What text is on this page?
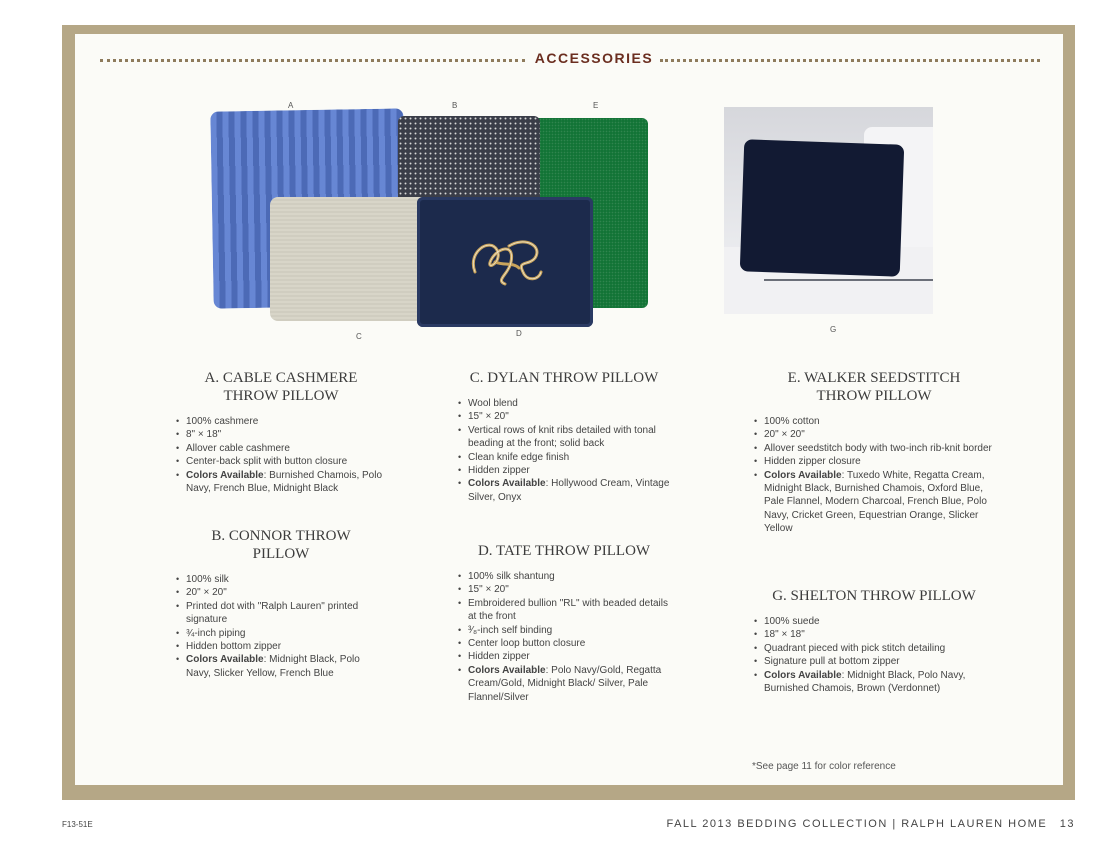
ACCESSORIES
A	B	E
C	D	G
A. CABLE CASHMERE
THROW PILLOW
• 100% cashmere
• 8" × 18"
• Allover cable cashmere
• Center-back split with button closure
• Colors Available: Burnished Chamois, Polo Navy, French Blue, Midnight Black
B. CONNOR THROW
PILLOW
• 100% silk
• 20" × 20"
• Printed dot with "Ralph Lauren" printed signature
• ¾-inch piping
• Hidden bottom zipper
• Colors Available: Midnight Black, Polo Navy, Slicker Yellow, French Blue
C. DYLAN THROW PILLOW
• Wool blend
• 15" × 20"
• Vertical rows of knit ribs detailed with tonal beading at the front; solid back
• Clean knife edge finish
• Hidden zipper
• Colors Available: Hollywood Cream, Vintage Silver, Onyx
D. TATE THROW PILLOW
• 100% silk shantung
• 15" × 20"
• Embroidered bullion "RL" with beaded details at the front
• ³⁄₈-inch self binding
• Center loop button closure
• Hidden zipper
• Colors Available: Polo Navy/Gold, Regatta Cream/Gold, Midnight Black/ Silver, Pale Flannel/Silver
E. WALKER SEEDSTITCH
THROW PILLOW
• 100% cotton
• 20" × 20"
• Allover seedstitch body with two-inch rib-knit border
• Hidden zipper closure
• Colors Available: Tuxedo White, Regatta Cream, Midnight Black, Burnished Chamois, Oxford Blue, Pale Flannel, Modern Charcoal, French Blue, Polo Navy, Cricket Green, Equestrian Orange, Slicker Yellow
G. SHELTON THROW PILLOW
• 100% suede
• 18" × 18"
• Quadrant pieced with pick stitch detailing
• Signature pull at bottom zipper
• Colors Available: Midnight Black, Polo Navy, Burnished Chamois, Brown (Verdonnet)
*See page 11 for color reference
F13-51E	FALL 2013 BEDDING COLLECTION | RALPH LAUREN HOME 13
